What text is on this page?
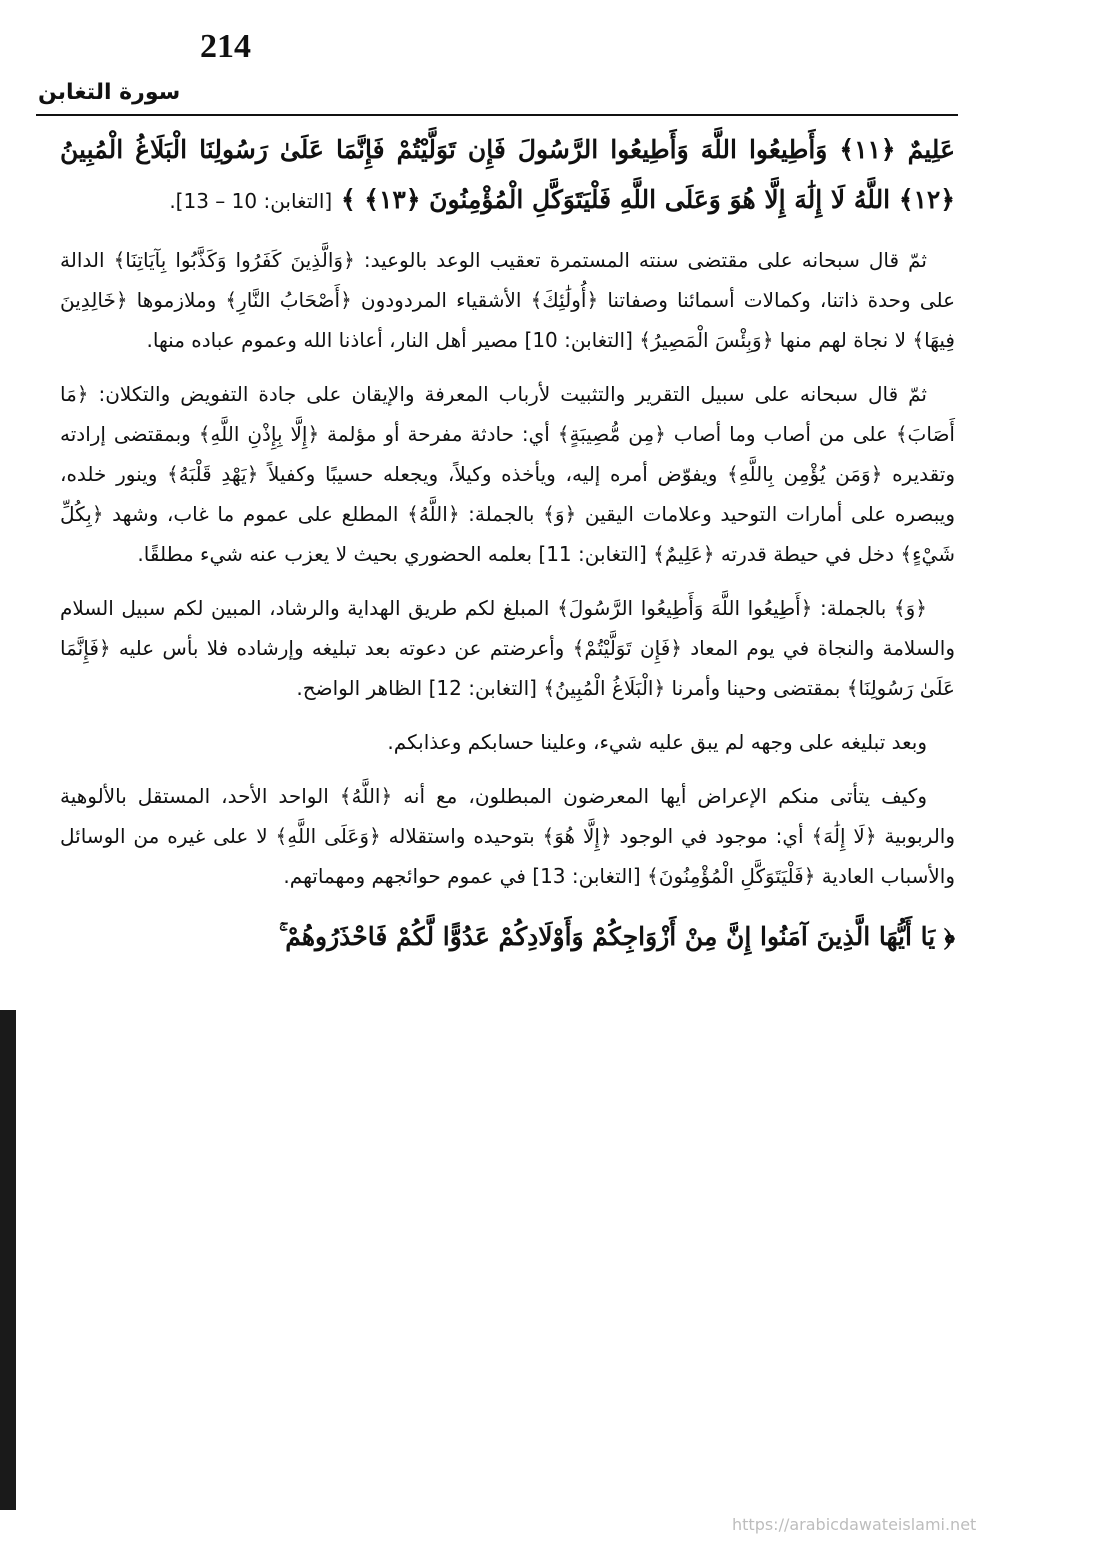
214
سورة التغابن

عَلِيمٌ ﴿١١﴾ وَأَطِيعُوا اللَّهَ وَأَطِيعُوا الرَّسُولَ فَإِن تَوَلَّيْتُمْ فَإِنَّمَا عَلَىٰ رَسُولِنَا الْبَلَاغُ الْمُبِينُ ﴿١٢﴾ اللَّهُ لَا إِلَٰهَ إِلَّا هُوَ وَعَلَى اللَّهِ فَلْيَتَوَكَّلِ الْمُؤْمِنُونَ ﴿١٣﴾ ﴾ [التغابن: 10 – 13].

ثمّ قال سبحانه على مقتضى سنته المستمرة تعقيب الوعد بالوعيد: ﴿وَالَّذِينَ كَفَرُوا وَكَذَّبُوا بِآيَاتِنَا﴾ الدالة على وحدة ذاتنا، وكمالات أسمائنا وصفاتنا ﴿أُولَٰئِكَ﴾ الأشقياء المردودون ﴿أَصْحَابُ النَّارِ﴾ وملازموها ﴿خَالِدِينَ فِيهَا﴾ لا نجاة لهم منها ﴿وَبِئْسَ الْمَصِيرُ﴾ [التغابن: 10] مصير أهل النار، أعاذنا الله وعموم عباده منها.

ثمّ قال سبحانه على سبيل التقرير والتثبيت لأرباب المعرفة والإيقان على جادة التفويض والتكلان: ﴿مَا أَصَابَ﴾ على من أصاب وما أصاب ﴿مِن مُّصِيبَةٍ﴾ أي: حادثة مفرحة أو مؤلمة ﴿إِلَّا بِإِذْنِ اللَّهِ﴾ وبمقتضى إرادته وتقديره ﴿وَمَن يُؤْمِن بِاللَّهِ﴾ ويفوّض أمره إليه، ويأخذه وكيلاً، ويجعله حسيبًا وكفيلاً ﴿يَهْدِ قَلْبَهُ﴾ وينور خلده، ويبصره على أمارات التوحيد وعلامات اليقين ﴿وَ﴾ بالجملة: ﴿اللَّهُ﴾ المطلع على عموم ما غاب، وشهد ﴿بِكُلِّ شَيْءٍ﴾ دخل في حيطة قدرته ﴿عَلِيمٌ﴾ [التغابن: 11] بعلمه الحضوري بحيث لا يعزب عنه شيء مطلقًا.

﴿وَ﴾ بالجملة: ﴿أَطِيعُوا اللَّهَ وَأَطِيعُوا الرَّسُولَ﴾ المبلغ لكم طريق الهداية والرشاد، المبين لكم سبيل السلام والسلامة والنجاة في يوم المعاد ﴿فَإِن تَوَلَّيْتُمْ﴾ وأعرضتم عن دعوته بعد تبليغه وإرشاده فلا بأس عليه ﴿فَإِنَّمَا عَلَىٰ رَسُولِنَا﴾ بمقتضى وحينا وأمرنا ﴿الْبَلَاغُ الْمُبِينُ﴾ [التغابن: 12] الظاهر الواضح.

وبعد تبليغه على وجهه لم يبق عليه شيء، وعلينا حسابكم وعذابكم.

وكيف يتأتى منكم الإعراض أيها المعرضون المبطلون، مع أنه ﴿اللَّهُ﴾ الواحد الأحد، المستقل بالألوهية والربوبية ﴿لَا إِلَٰهَ﴾ أي: موجود في الوجود ﴿إِلَّا هُوَ﴾ بتوحيده واستقلاله ﴿وَعَلَى اللَّهِ﴾ لا على غيره من الوسائل والأسباب العادية ﴿فَلْيَتَوَكَّلِ الْمُؤْمِنُونَ﴾ [التغابن: 13] في عموم حوائجهم ومهماتهم.

﴿ يَا أَيُّهَا الَّذِينَ آمَنُوا إِنَّ مِنْ أَزْوَاجِكُمْ وَأَوْلَادِكُمْ عَدُوًّا لَّكُمْ فَاحْذَرُوهُمْ ۚ

https://arabicdawateislami.net
